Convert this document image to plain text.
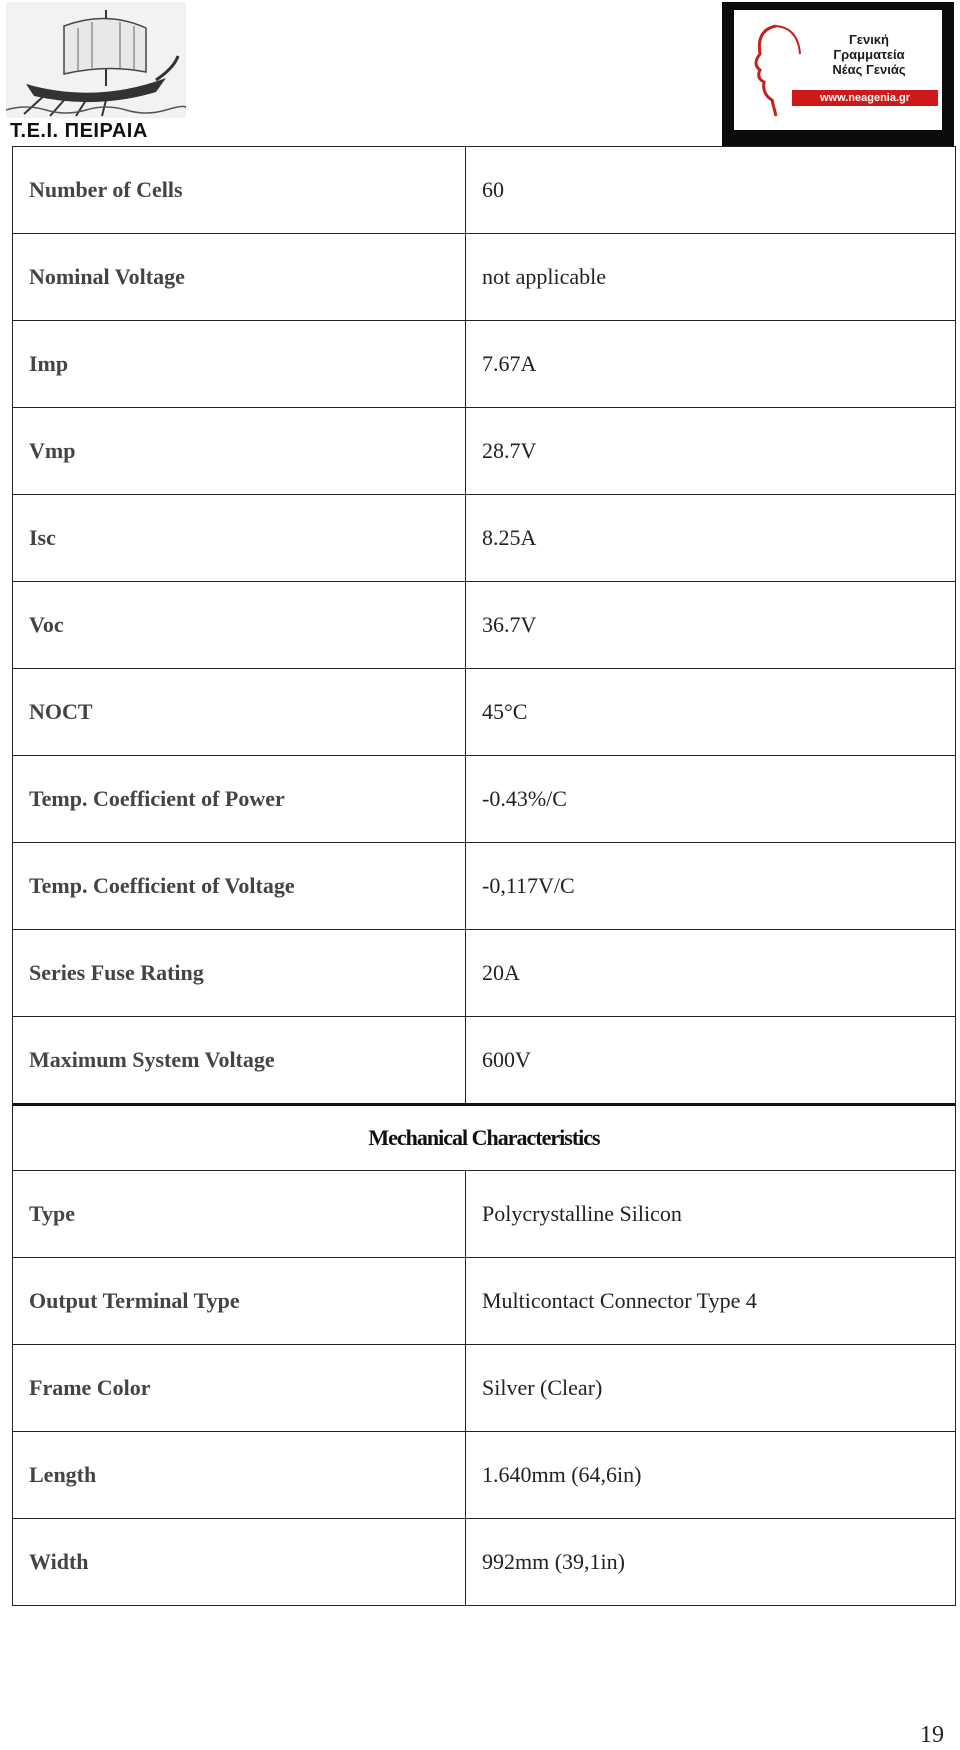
Τ.Ε.Ι. ΠΕΙΡΑΙΑ
Γενική
Γραμματεία
Νέας Γενιάς
www.neagenia.gr
Number of Cells	60
Nominal Voltage	not applicable
Imp	7.67A
Vmp	28.7V
Isc	8.25A
Voc	36.7V
NOCT	45°C
Temp. Coefficient of Power	-0.43%/C
Temp. Coefficient of Voltage	-0,117V/C
Series Fuse Rating	20A
Maximum System Voltage	600V
Mechanical Characteristics	
Type	Polycrystalline Silicon
Output Terminal Type	Multicontact Connector Type 4
Frame Color	Silver (Clear)
Length	1.640mm (64,6in)
Width	992mm (39,1in)
19
